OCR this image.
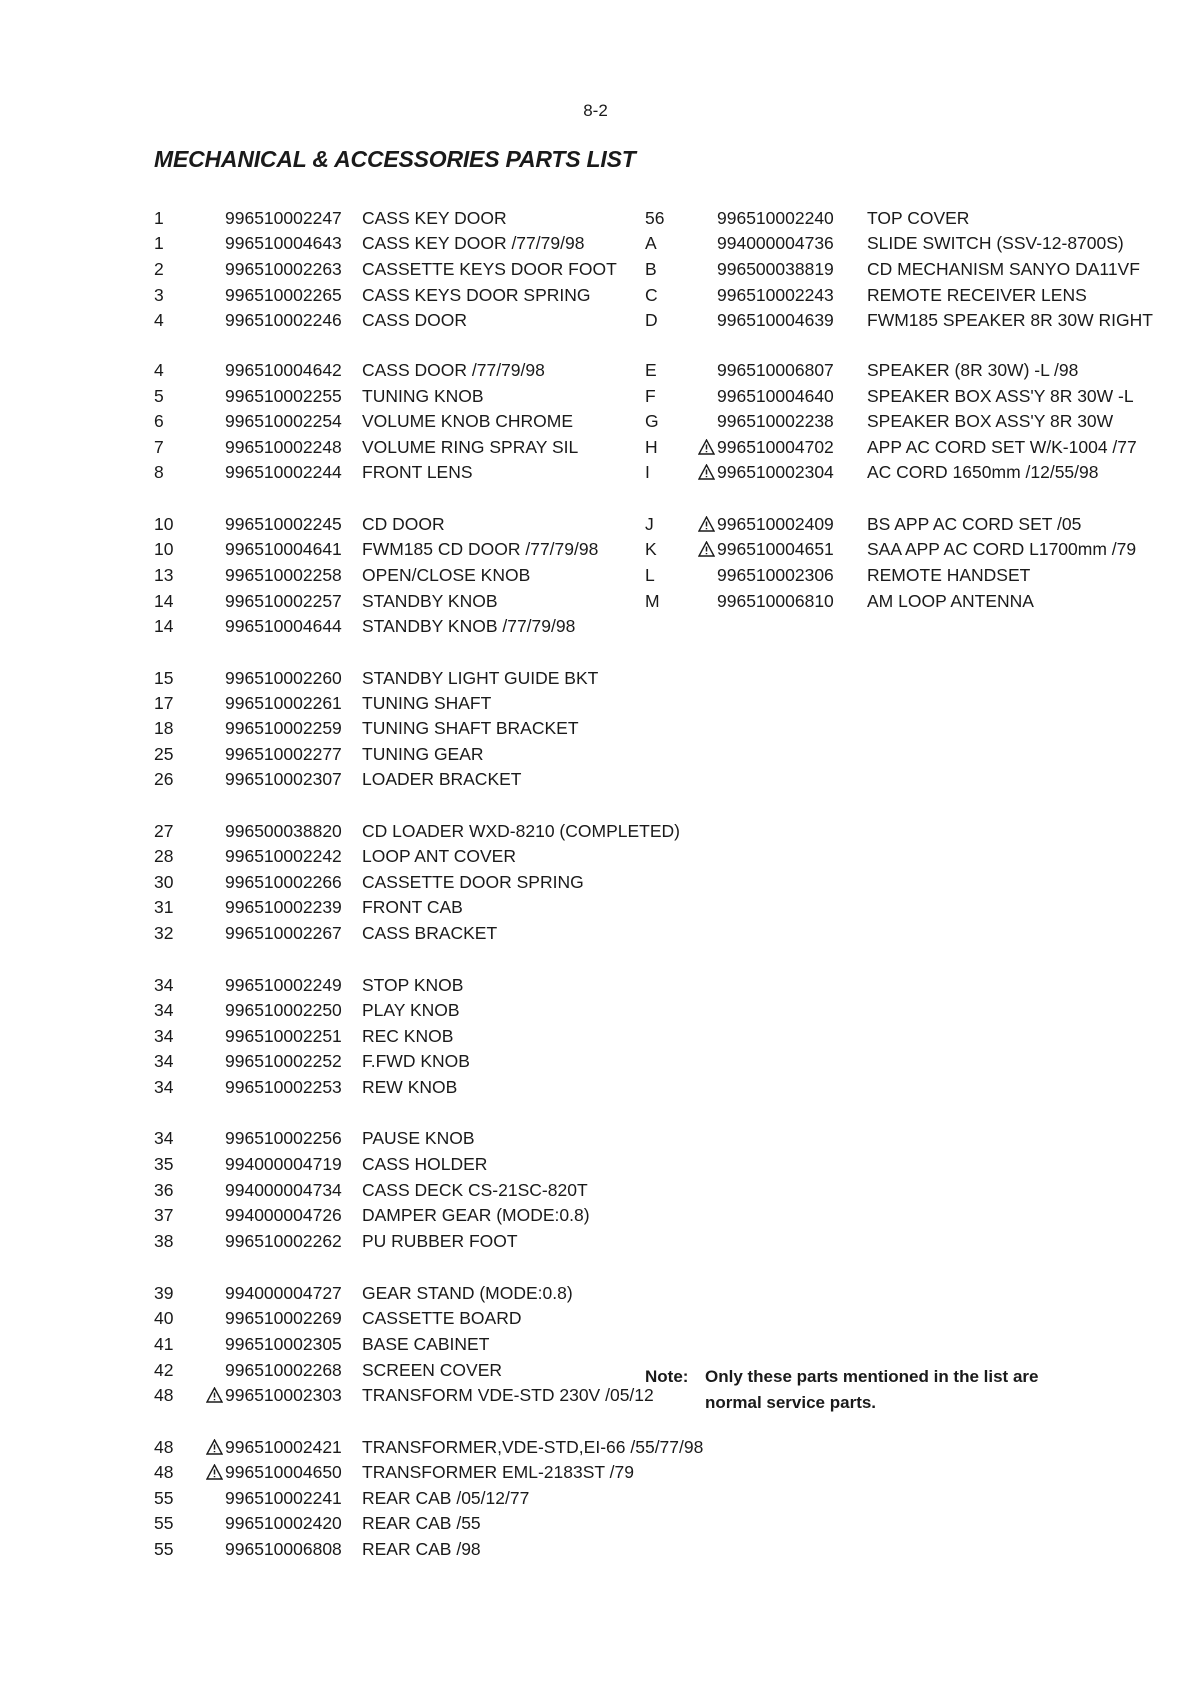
8-2
MECHANICAL & ACCESSORIES PARTS LIST
1	996510002247 CASS KEY DOOR
1	996510004643 CASS KEY DOOR /77/79/98
2	996510002263 CASSETTE KEYS DOOR FOOT
3	996510002265 CASS KEYS DOOR SPRING
4	996510002246 CASS DOOR
4	996510004642 CASS DOOR /77/79/98
5	996510002255 TUNING KNOB
6	996510002254 VOLUME KNOB CHROME
7	996510002248 VOLUME RING SPRAY SIL
8	996510002244 FRONT LENS
10	996510002245 CD DOOR
10	996510004641 FWM185 CD DOOR /77/79/98
13	996510002258 OPEN/CLOSE KNOB
14	996510002257 STANDBY KNOB
14	996510004644 STANDBY KNOB /77/79/98
15	996510002260 STANDBY LIGHT GUIDE BKT
17	996510002261 TUNING SHAFT
18	996510002259 TUNING SHAFT BRACKET
25	996510002277 TUNING GEAR
26	996510002307 LOADER BRACKET
27	996500038820 CD LOADER WXD-8210 (COMPLETED)
28	996510002242 LOOP ANT COVER
30	996510002266 CASSETTE DOOR SPRING
31	996510002239 FRONT CAB
32	996510002267 CASS BRACKET
34	996510002249 STOP KNOB
34	996510002250 PLAY KNOB
34	996510002251 REC KNOB
34	996510002252 F.FWD KNOB
34	996510002253 REW KNOB
34	996510002256 PAUSE KNOB
35	994000004719 CASS HOLDER
36	994000004734 CASS DECK CS-21SC-820T
37	994000004726 DAMPER GEAR (MODE:0.8)
38	996510002262 PU RUBBER FOOT
39	994000004727 GEAR STAND (MODE:0.8)
40	996510002269 CASSETTE BOARD
41	996510002305 BASE CABINET
42	996510002268 SCREEN COVER
48	996510002303 TRANSFORM VDE-STD 230V /05/12
48	996510002421 TRANSFORMER,VDE-STD,EI-66 /55/77/98
48	996510004650 TRANSFORMER EML-2183ST /79
55	996510002241 REAR CAB /05/12/77
55	996510002420 REAR CAB /55
55	996510006808 REAR CAB /98
56	996510002240 TOP COVER
A	994000004736 SLIDE SWITCH (SSV-12-8700S)
B	996500038819 CD MECHANISM SANYO DA11VF
C	996510002243 REMOTE RECEIVER LENS
D	996510004639 FWM185 SPEAKER 8R 30W RIGHT
E	996510006807 SPEAKER (8R 30W) -L /98
F	996510004640 SPEAKER BOX ASS'Y 8R 30W -L
G	996510002238 SPEAKER BOX ASS'Y 8R 30W
H	996510004702 APP AC CORD SET W/K-1004 /77
I	996510002304 AC CORD 1650mm /12/55/98
J	996510002409 BS APP AC CORD SET /05
K	996510004651 SAA APP AC CORD L1700mm /79
L	996510002306 REMOTE HANDSET
M	996510006810 AM LOOP ANTENNA
Note: Only these parts mentioned in the list are
normal service parts.
